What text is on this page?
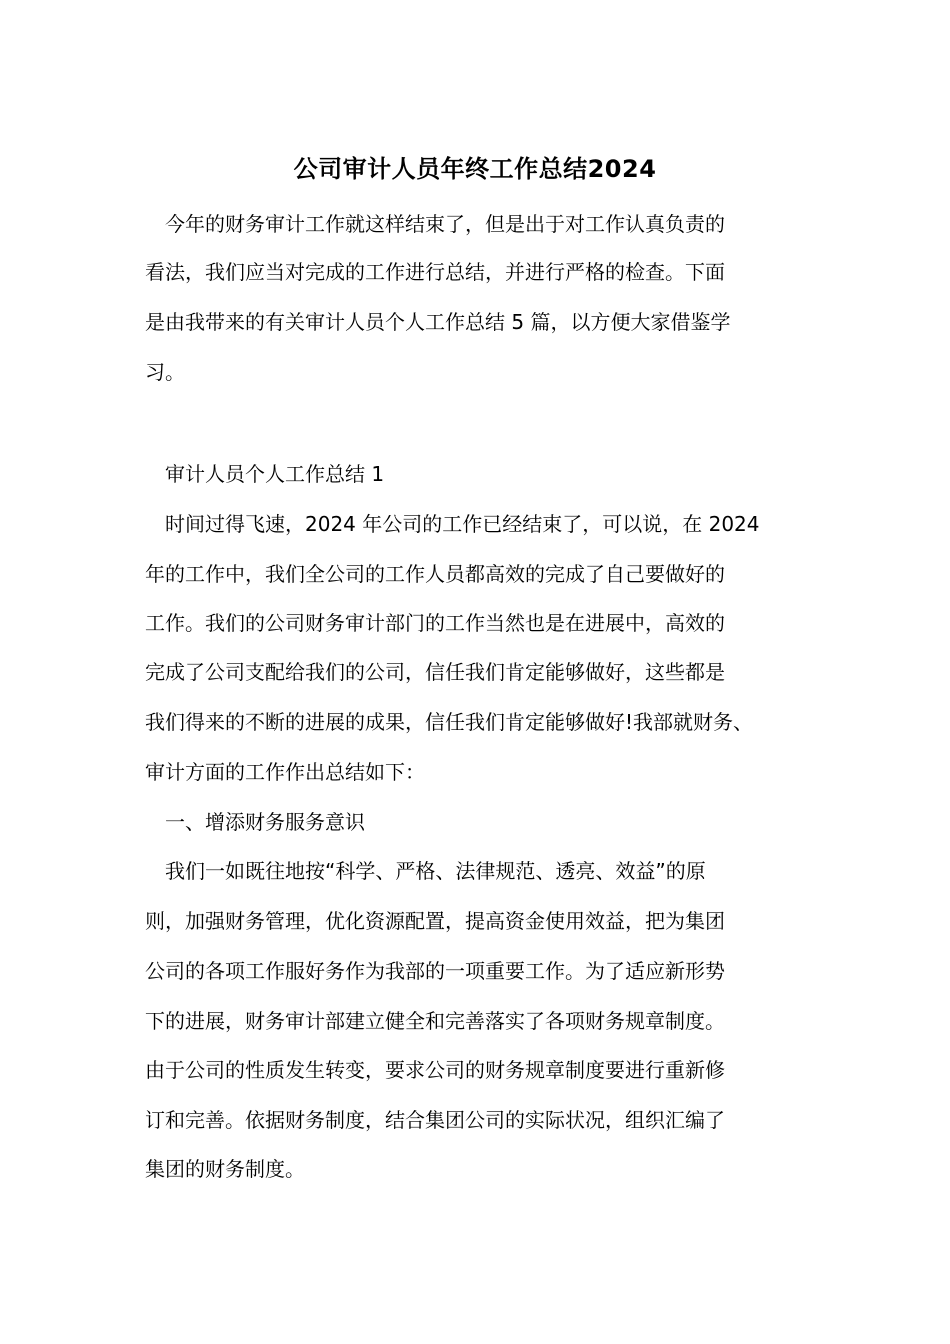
公司审计人员年终工作总结2024
今年的财务审计工作就这样结束了，但是出于对工作认真负责的
看法，我们应当对完成的工作进行总结，并进行严格的检查。下面
是由我带来的有关审计人员个人工作总结 5 篇，以方便大家借鉴学
习。
审计人员个人工作总结 1
时间过得飞速，2024 年公司的工作已经结束了，可以说，在 2024
年的工作中，我们全公司的工作人员都高效的完成了自己要做好的
工作。我们的公司财务审计部门的工作当然也是在进展中，高效的
完成了公司支配给我们的公司，信任我们肯定能够做好，这些都是
我们得来的不断的进展的成果，信任我们肯定能够做好!我部就财务、
审计方面的工作作出总结如下：
一、增添财务服务意识
我们一如既往地按“科学、严格、法律规范、透亮、效益”的原
则，加强财务管理，优化资源配置，提高资金使用效益，把为集团
公司的各项工作服好务作为我部的一项重要工作。为了适应新形势
下的进展，财务审计部建立健全和完善落实了各项财务规章制度。
由于公司的性质发生转变，要求公司的财务规章制度要进行重新修
订和完善。依据财务制度，结合集团公司的实际状况，组织汇编了
集团的财务制度。
